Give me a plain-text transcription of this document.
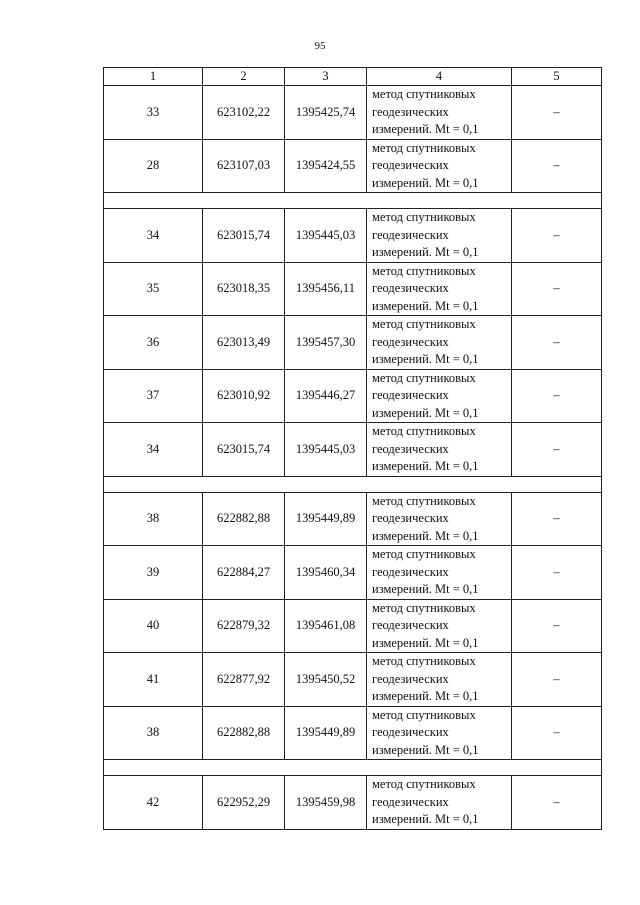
95
1	2	3	4	5
33	623102,22	1395425,74	метод спутниковых
геодезических
измерений. Mt = 0,1	–
28	623107,03	1395424,55	метод спутниковых
геодезических
измерений. Mt = 0,1	–

34	623015,74	1395445,03	метод спутниковых
геодезических
измерений. Mt = 0,1	–
35	623018,35	1395456,11	метод спутниковых
геодезических
измерений. Mt = 0,1	–
36	623013,49	1395457,30	метод спутниковых
геодезических
измерений. Mt = 0,1	–
37	623010,92	1395446,27	метод спутниковых
геодезических
измерений. Mt = 0,1	–
34	623015,74	1395445,03	метод спутниковых
геодезических
измерений. Mt = 0,1	–

38	622882,88	1395449,89	метод спутниковых
геодезических
измерений. Mt = 0,1	–
39	622884,27	1395460,34	метод спутниковых
геодезических
измерений. Mt = 0,1	–
40	622879,32	1395461,08	метод спутниковых
геодезических
измерений. Mt = 0,1	–
41	622877,92	1395450,52	метод спутниковых
геодезических
измерений. Mt = 0,1	–
38	622882,88	1395449,89	метод спутниковых
геодезических
измерений. Mt = 0,1	–

42	622952,29	1395459,98	метод спутниковых
геодезических
измерений. Mt = 0,1	–
